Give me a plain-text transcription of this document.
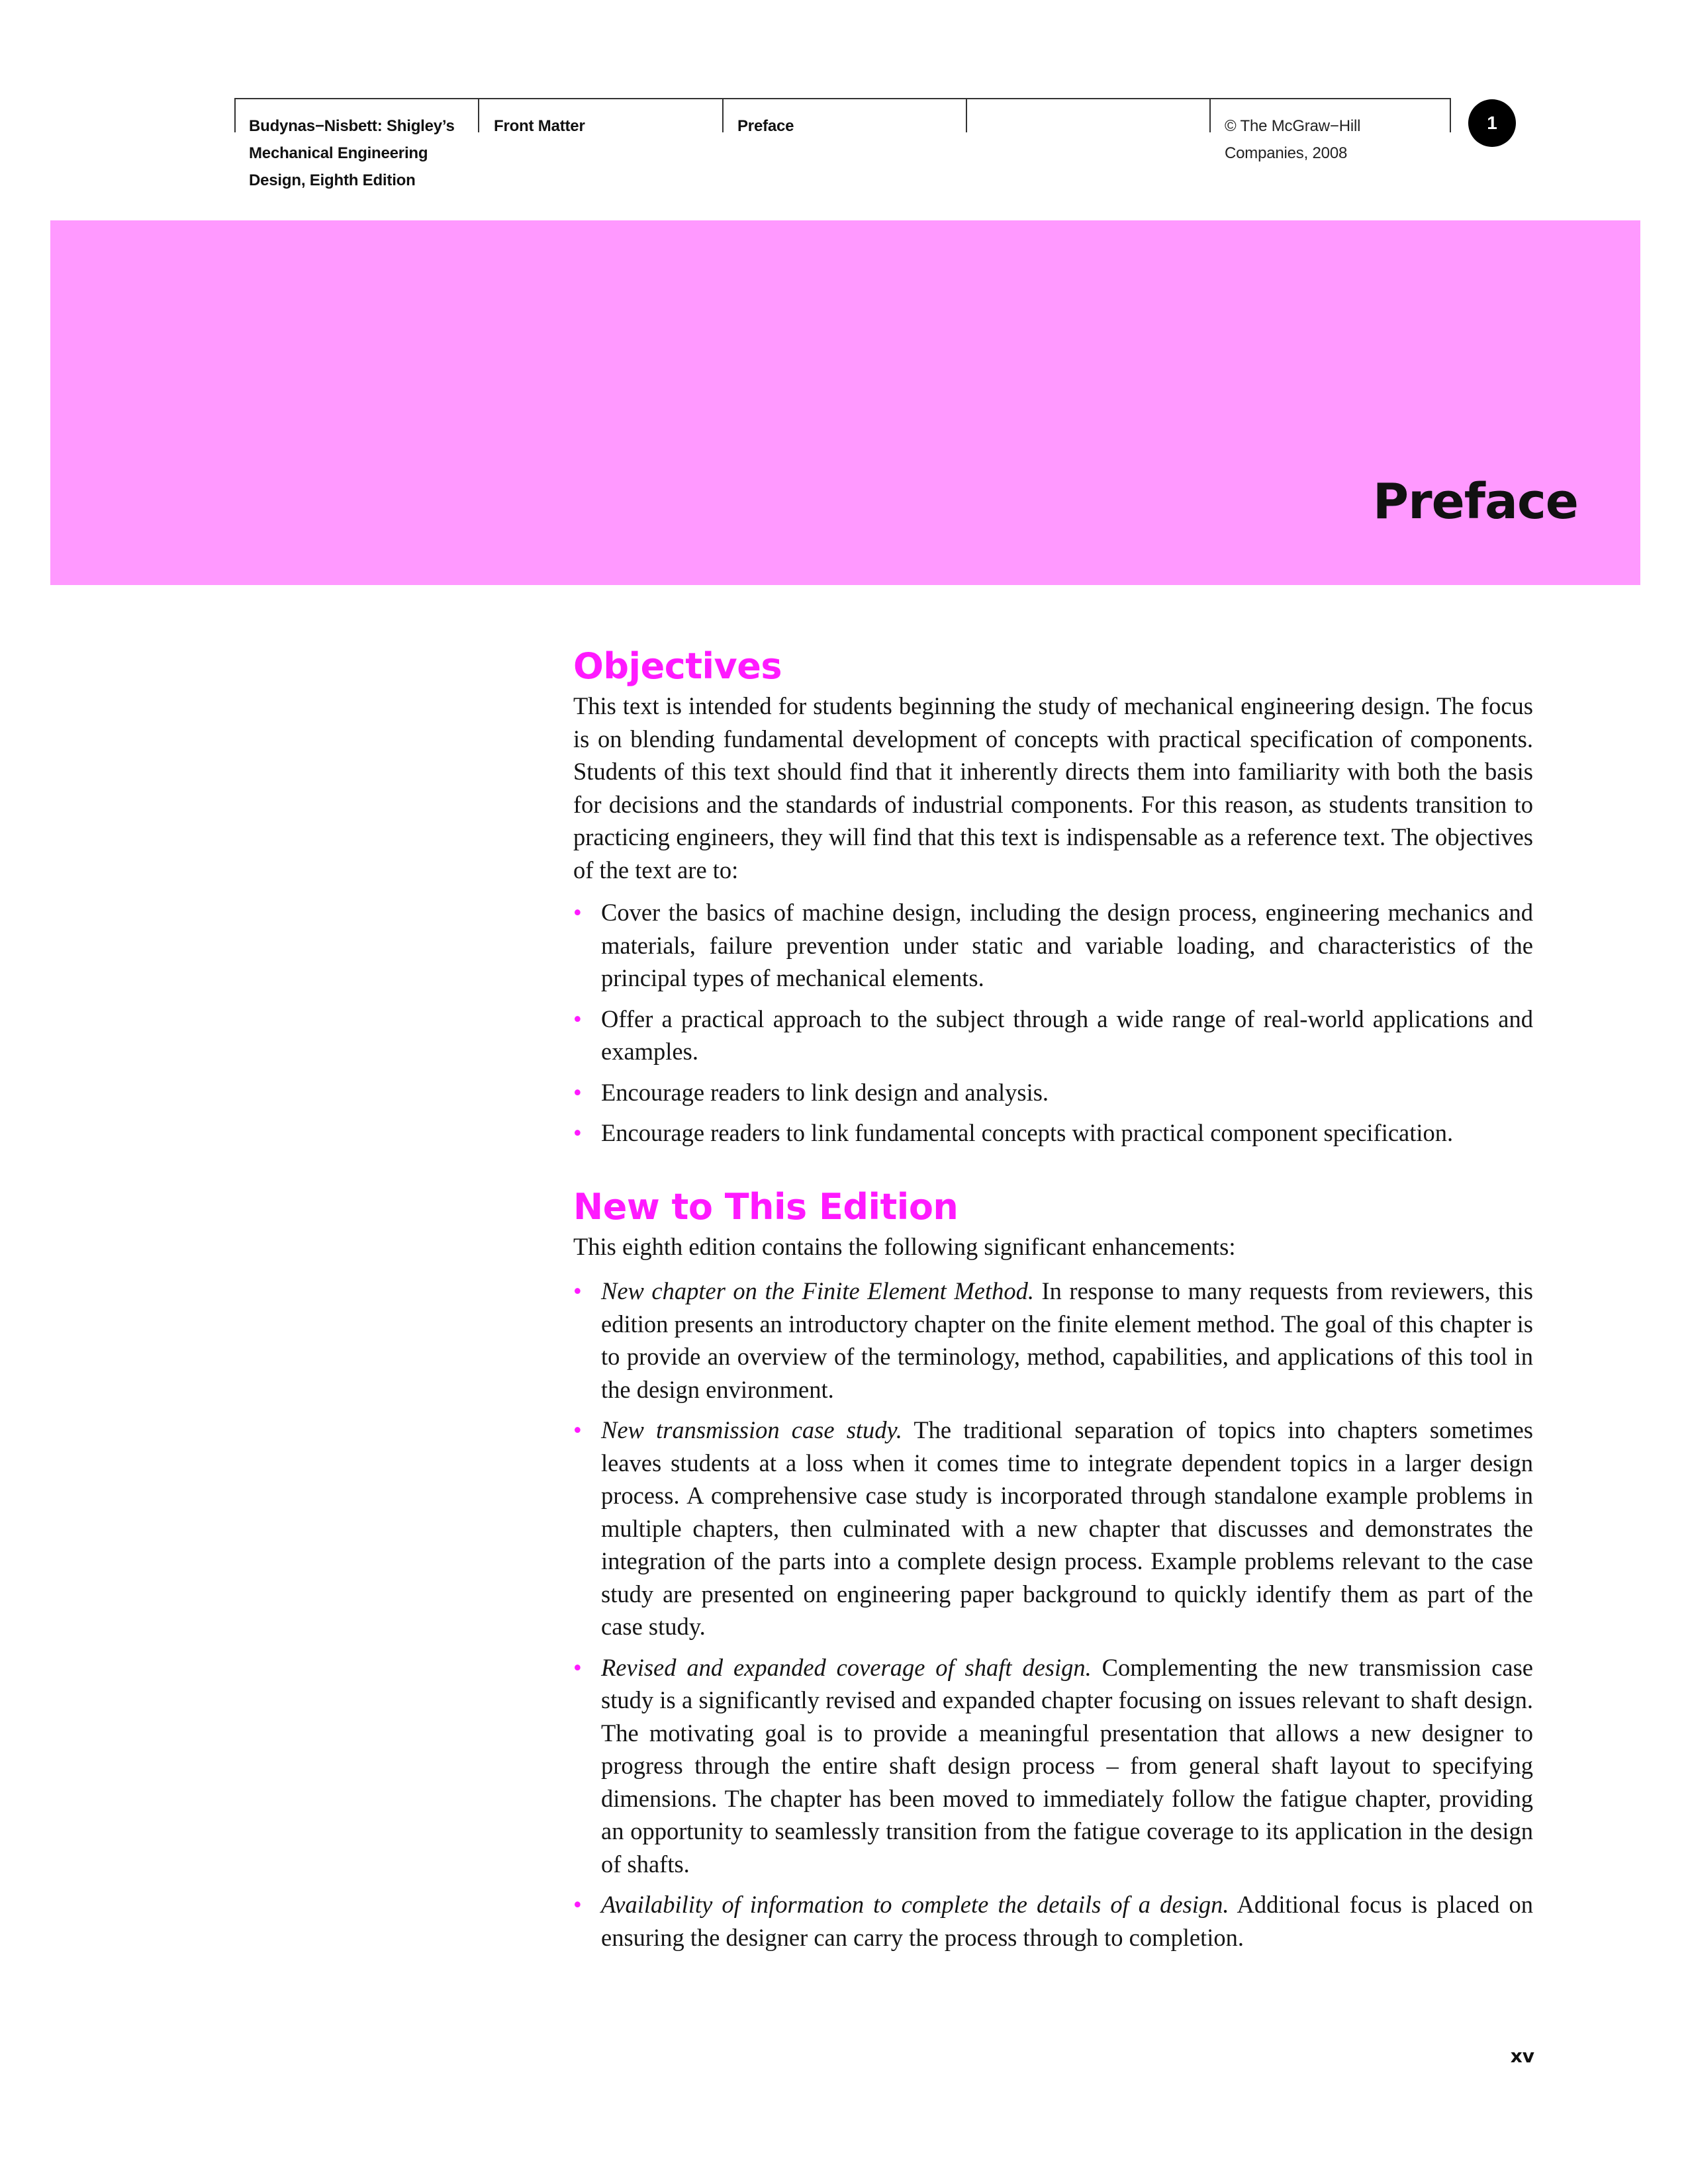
Budynas−Nisbett: Shigley’s
Mechanical Engineering
Design, Eighth Edition
Front Matter	Preface	© The McGraw−Hill
Companies, 2008
1
Preface
Objectives

This text is intended for students beginning the study of mechanical engineering design. The focus is on blending fundamental development of concepts with practical specification of components. Students of this text should find that it inherently directs them into familiarity with both the basis for decisions and the standards of industrial components. For this reason, as students transition to practicing engineers, they will find that this text is indispensable as a reference text. The objectives of the text are to:

• Cover the basics of machine design, including the design process, engineering mechanics and materials, failure prevention under static and variable loading, and characteristics of the principal types of mechanical elements.
• Offer a practical approach to the subject through a wide range of real-world applications and examples.
• Encourage readers to link design and analysis.
• Encourage readers to link fundamental concepts with practical component specification.
New to This Edition

This eighth edition contains the following significant enhancements:

• New chapter on the Finite Element Method. In response to many requests from reviewers, this edition presents an introductory chapter on the finite element method. The goal of this chapter is to provide an overview of the terminology, method, capabilities, and applications of this tool in the design environment.
• New transmission case study. The traditional separation of topics into chapters sometimes leaves students at a loss when it comes time to integrate dependent topics in a larger design process. A comprehensive case study is incorporated through standalone example problems in multiple chapters, then culminated with a new chapter that discusses and demonstrates the integration of the parts into a complete design process. Example problems relevant to the case study are presented on engineering paper background to quickly identify them as part of the case study.
• Revised and expanded coverage of shaft design. Complementing the new transmission case study is a significantly revised and expanded chapter focusing on issues relevant to shaft design. The motivating goal is to provide a meaningful presentation that allows a new designer to progress through the entire shaft design process – from general shaft layout to specifying dimensions. The chapter has been moved to immediately follow the fatigue chapter, providing an opportunity to seamlessly transition from the fatigue coverage to its application in the design of shafts.
• Availability of information to complete the details of a design. Additional focus is placed on ensuring the designer can carry the process through to completion.
xv
